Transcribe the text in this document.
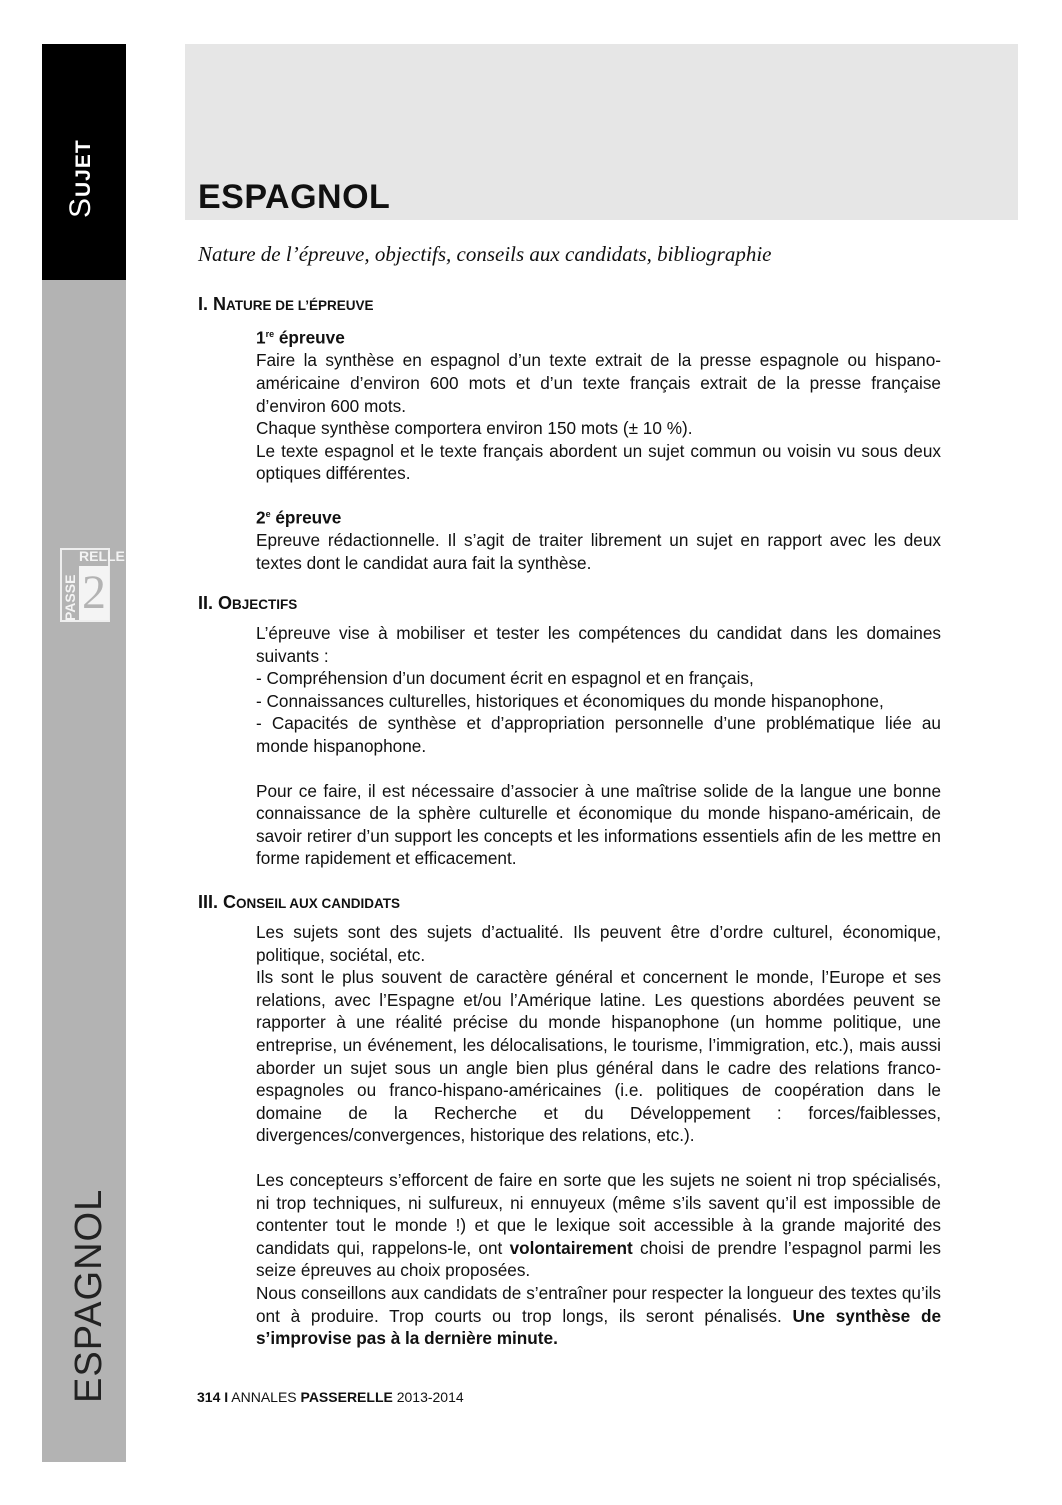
SUJET
RELLE
PASSE 2
ESPAGNOL
ESPAGNOL
Nature de l’épreuve, objectifs, conseils aux candidats, bibliographie
I. NATURE DE L’ÉPREUVE

1re épreuve

Faire la synthèse en espagnol d’un texte extrait de la presse espagnole ou hispano-américaine d’environ 600 mots et d’un texte français extrait de la presse française d’environ 600 mots.

Chaque synthèse comportera environ 150 mots (± 10 %).

Le texte espagnol et le texte français abordent un sujet commun ou voisin vu sous deux optiques différentes.

2e épreuve

Epreuve rédactionnelle. Il s’agit de traiter librement un sujet en rapport avec les deux textes dont le candidat aura fait la synthèse.

II. OBJECTIFS

L’épreuve vise à mobiliser et tester les compétences du candidat dans les domaines suivants :

- Compréhension d’un document écrit en espagnol et en français,

- Connaissances culturelles, historiques et économiques du monde hispanophone,

- Capacités de synthèse et d’appropriation personnelle d’une problématique liée au monde hispanophone.

Pour ce faire, il est nécessaire d’associer à une maîtrise solide de la langue une bonne connaissance de la sphère culturelle et économique du monde hispano-américain, de savoir retirer d’un support les concepts et les informations essentiels afin de les mettre en forme rapidement et efficacement.

III. CONSEIL AUX CANDIDATS

Les sujets sont des sujets d’actualité. Ils peuvent être d’ordre culturel, économique, politique, sociétal, etc.

Ils sont le plus souvent de caractère général et concernent le monde, l’Europe et ses relations, avec l’Espagne et/ou l’Amérique latine. Les questions abordées peuvent se rapporter à une réalité précise du monde hispanophone (un homme politique, une entreprise, un événement, les délocalisations, le tourisme, l’immigration, etc.), mais aussi aborder un sujet sous un angle bien plus général dans le cadre des relations franco-espagnoles ou franco-hispano-américaines (i.e. politiques de coopération dans le domaine de la Recherche et du Développement : forces/faiblesses, divergences/convergences, historique des relations, etc.).

Les concepteurs s’efforcent de faire en sorte que les sujets ne soient ni trop spécialisés, ni trop techniques, ni sulfureux, ni ennuyeux (même s’ils savent qu’il est impossible de contenter tout le monde !) et que le lexique soit accessible à la grande majorité des candidats qui, rappelons-le, ont volontairement choisi de prendre l’espagnol parmi les seize épreuves au choix proposées.

Nous conseillons aux candidats de s’entraîner pour respecter la longueur des textes qu’ils ont à produire. Trop courts ou trop longs, ils seront pénalisés. Une synthèse de s’improvise pas à la dernière minute.

314 I ANNALES PASSERELLE 2013-2014
